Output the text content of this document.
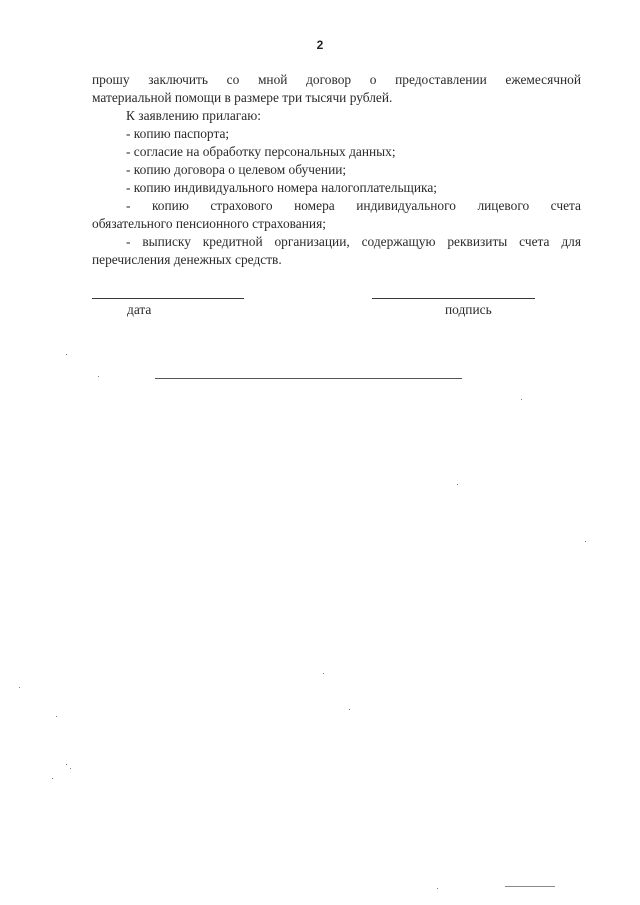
2
прошу заключить со мной договор о предоставлении ежемесячной
материальной помощи в размере три тысячи рублей.

К заявлению прилагаю:

- копию паспорта;

- согласие на обработку персональных данных;

- копию договора о целевом обучении;

- копию индивидуального номера налогоплательщика;

- копию страхового номера индивидуального лицевого счета
обязательного пенсионного страхования;

- выписку кредитной организации, содержащую реквизиты счета для перечисления денежных средств.

дата	подпись
